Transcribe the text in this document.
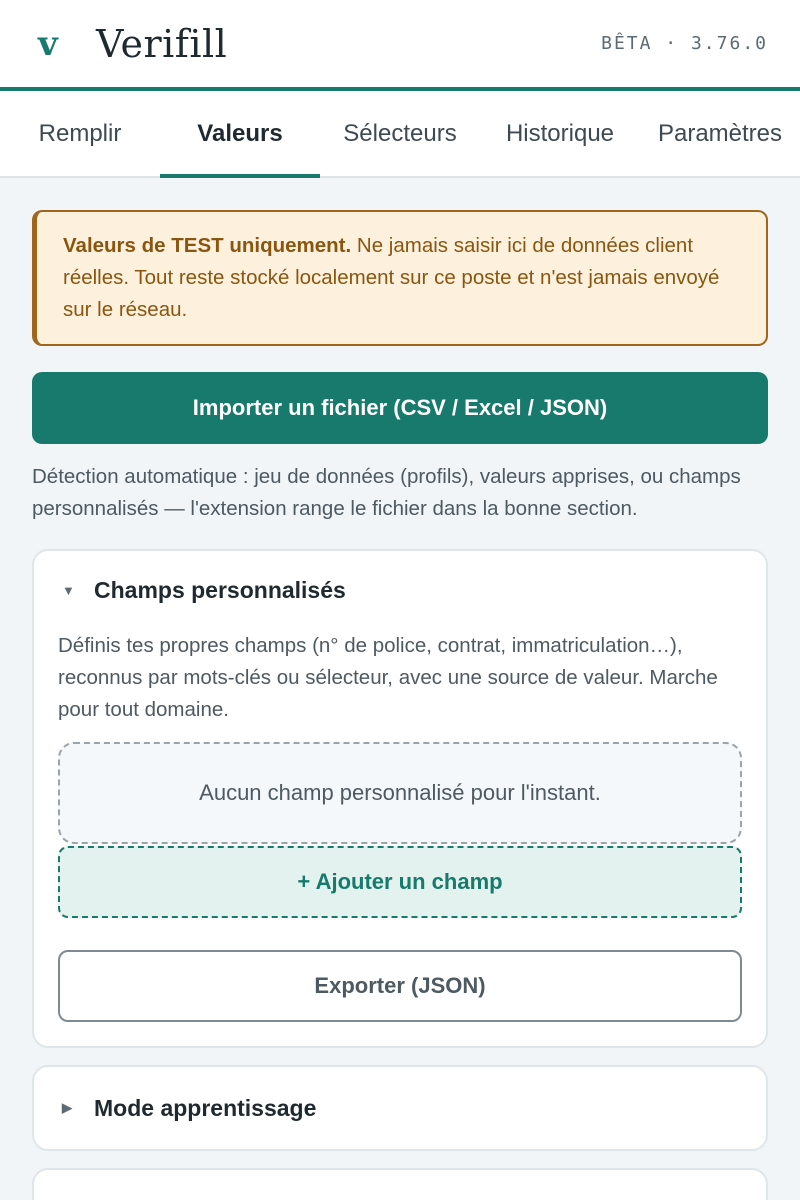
v	Verifill	BÊTA · 3.76.0
Remplir	Valeurs	Sélecteurs	Historique	Paramètres
Valeurs de TEST uniquement. Ne jamais saisir ici de données client réelles. Tout reste stocké localement sur ce poste et n'est jamais envoyé sur le réseau.
Importer un fichier (CSV / Excel / JSON)

Détection automatique : jeu de données (profils), valeurs apprises, ou champs personnalisés — l'extension range le fichier dans la bonne section.

▼ Champs personnalisés

Définis tes propres champs (n° de police, contrat, immatriculation…), reconnus par mots-clés ou sélecteur, avec une source de valeur. Marche pour tout domaine.

Aucun champ personnalisé pour l'instant.
+ Ajouter un champ
Exporter (JSON)
▶ Mode apprentissage
